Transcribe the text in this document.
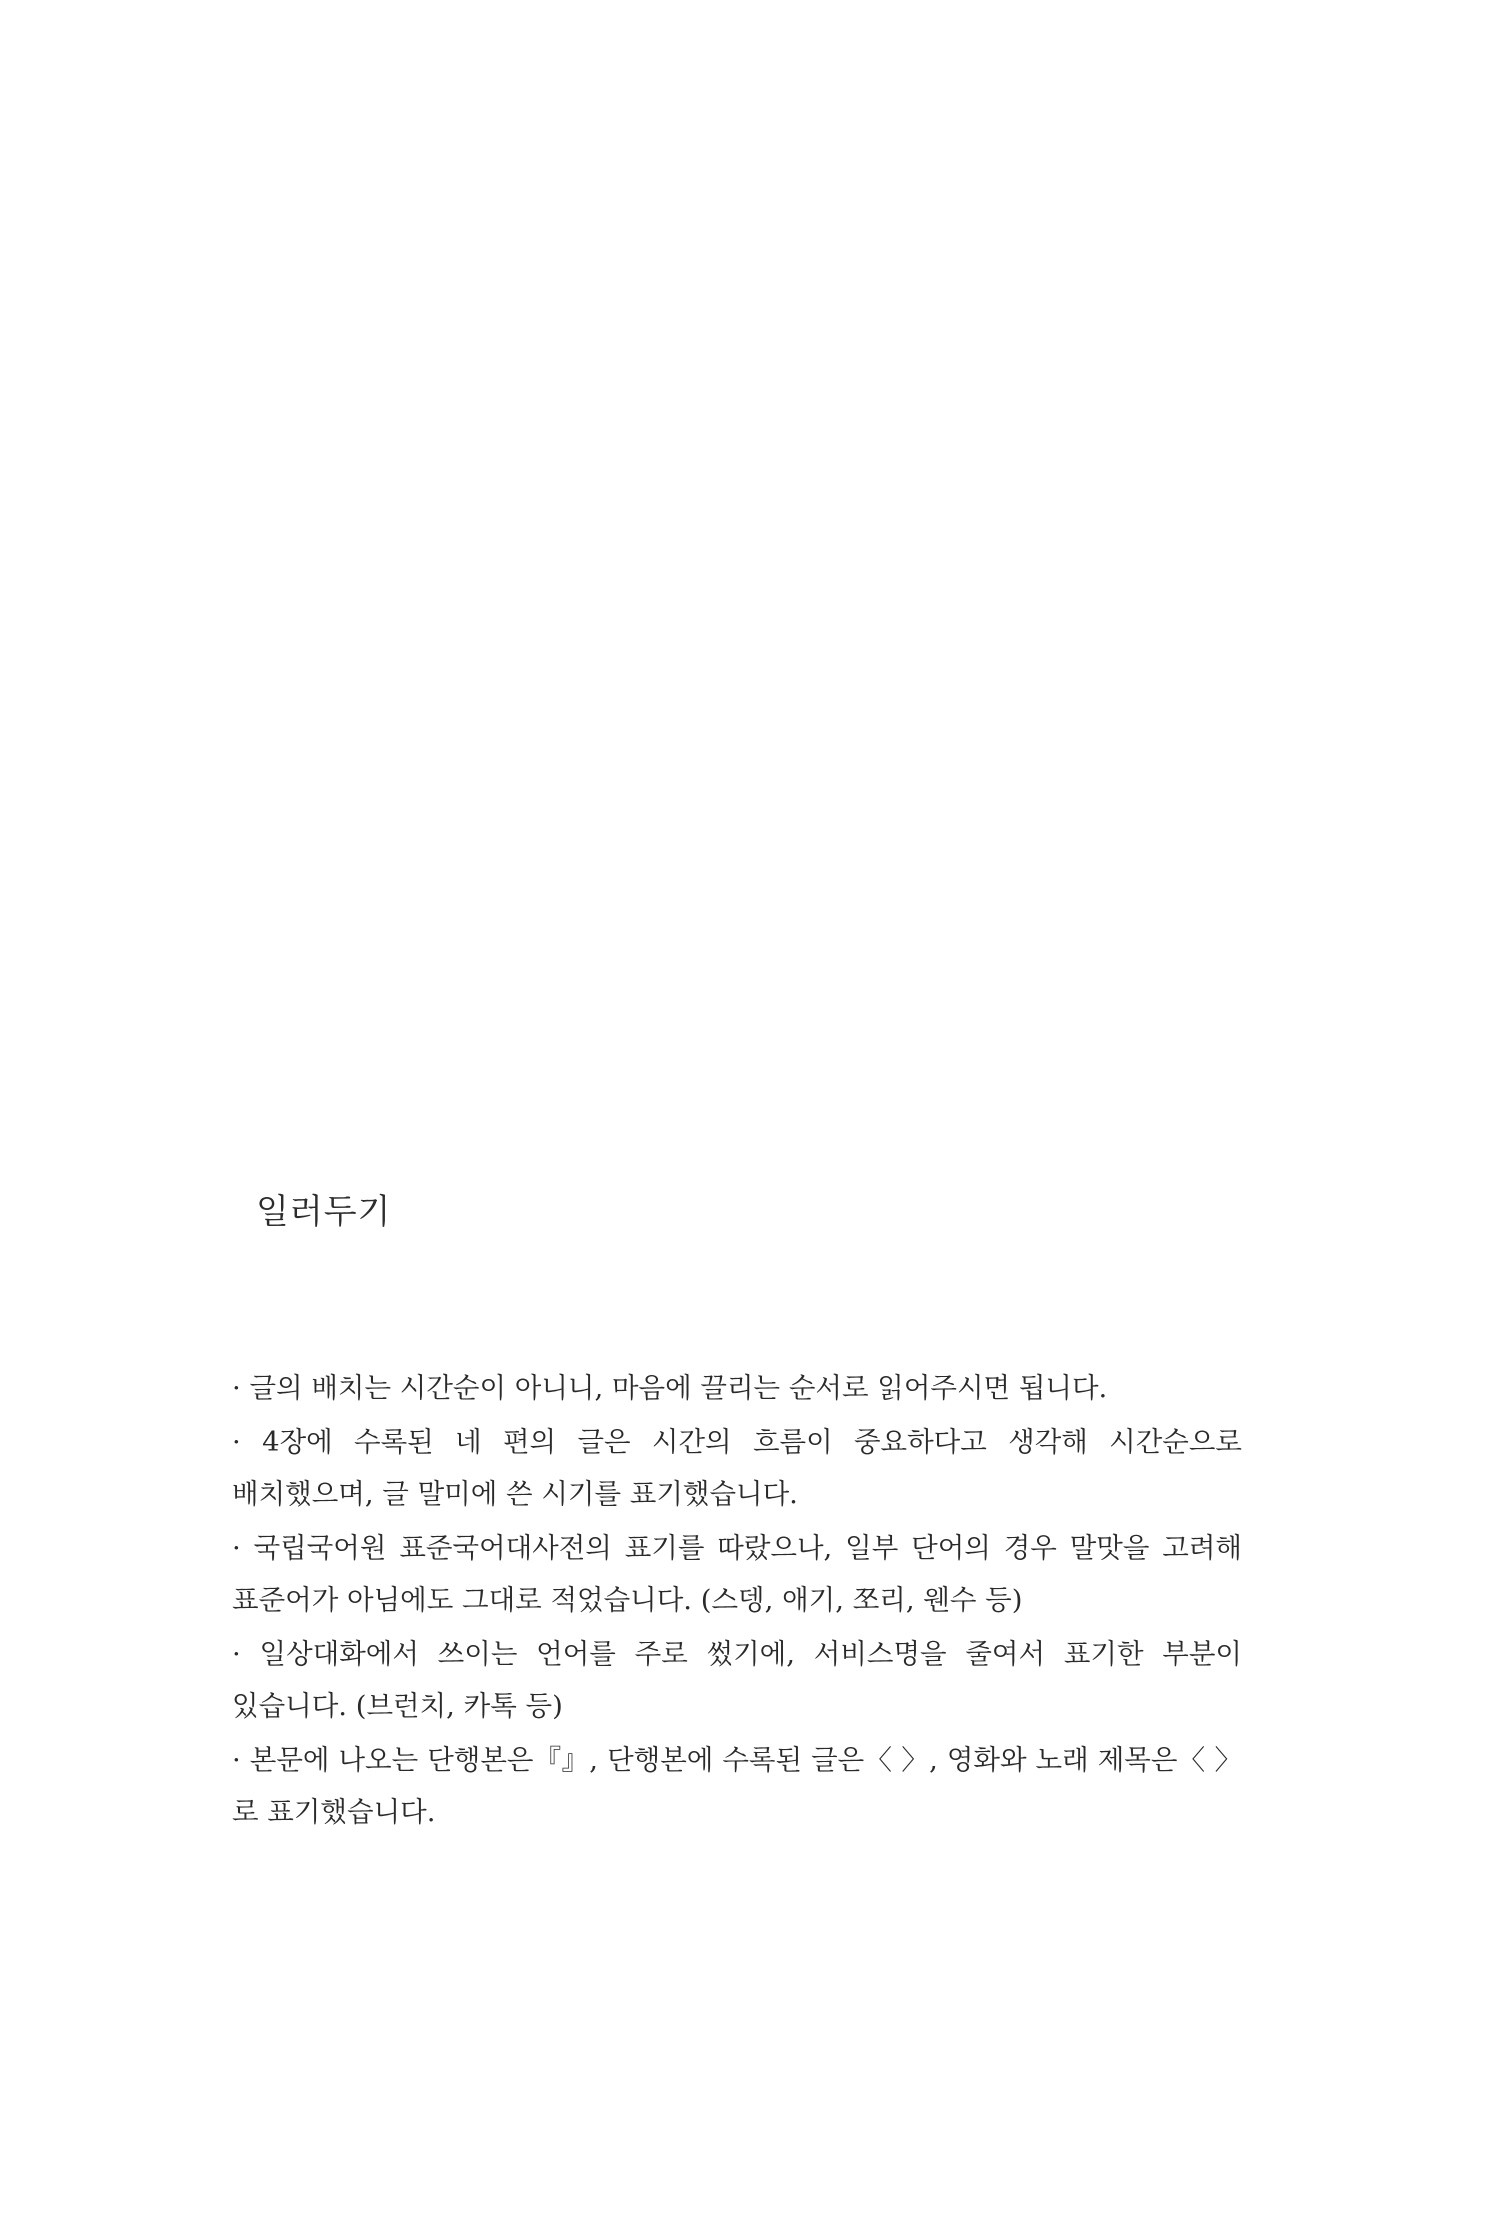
일러두기
· 글의 배치는 시간순이 아니니, 마음에 끌리는 순서로 읽어주시면 됩니다.
· 4장에 수록된 네 편의 글은 시간의 흐름이 중요하다고 생각해 시간순으로 배치했으며, 글 말미에 쓴 시기를 표기했습니다.
· 국립국어원 표준국어대사전의 표기를 따랐으나, 일부 단어의 경우 말맛을 고려해 표준어가 아님에도 그대로 적었습니다. (스뎅, 애기, 쪼리, 웬수 등)
· 일상대화에서 쓰이는 언어를 주로 썼기에, 서비스명을 줄여서 표기한 부분이 있습니다. (브런치, 카톡 등)
· 본문에 나오는 단행본은『』, 단행본에 수록된 글은〈 〉, 영화와 노래 제목은〈 〉로 표기했습니다.
